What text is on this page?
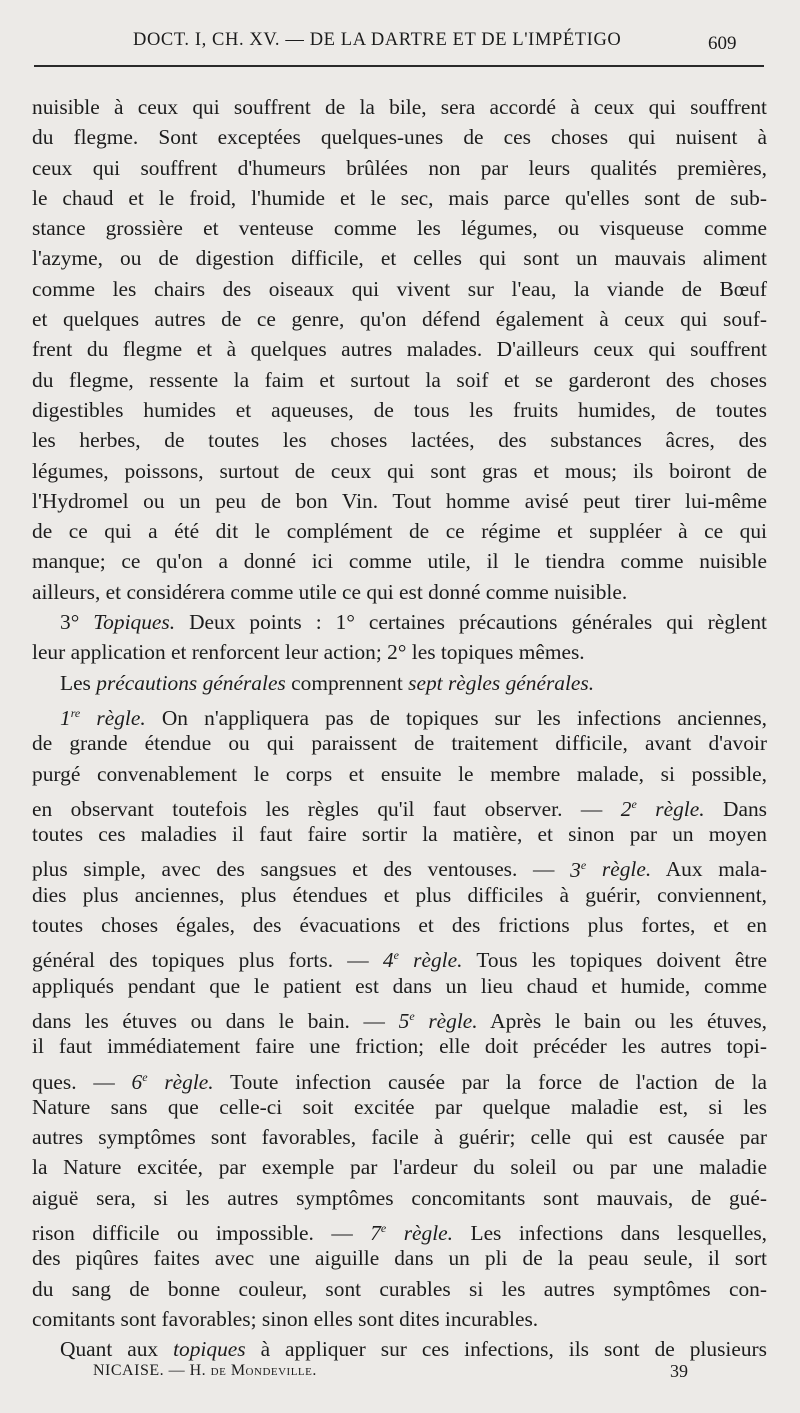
DOCT. I, CH. XV. — DE LA DARTRE ET DE L'IMPÉTIGO	609
nuisible à ceux qui souffrent de la bile, sera accordé à ceux qui souffrent
du flegme. Sont exceptées quelques-unes de ces choses qui nuisent à
ceux qui souffrent d'humeurs brûlées non par leurs qualités premières,
le chaud et le froid, l'humide et le sec, mais parce qu'elles sont de sub-
stance grossière et venteuse comme les légumes, ou visqueuse comme
l'azyme, ou de digestion difficile, et celles qui sont un mauvais aliment
comme les chairs des oiseaux qui vivent sur l'eau, la viande de Bœuf
et quelques autres de ce genre, qu'on défend également à ceux qui souf-
frent du flegme et à quelques autres malades. D'ailleurs ceux qui souffrent
du flegme, ressente la faim et surtout la soif et se garderont des choses
digestibles humides et aqueuses, de tous les fruits humides, de toutes
les herbes, de toutes les choses lactées, des substances âcres, des
légumes, poissons, surtout de ceux qui sont gras et mous; ils boiront de
l'Hydromel ou un peu de bon Vin. Tout homme avisé peut tirer lui-même
de ce qui a été dit le complément de ce régime et suppléer à ce qui
manque; ce qu'on a donné ici comme utile, il le tiendra comme nuisible
ailleurs, et considérera comme utile ce qui est donné comme nuisible.
3° Topiques. Deux points : 1° certaines précautions générales qui règlent
leur application et renforcent leur action; 2° les topiques mêmes.
Les précautions générales comprennent sept règles générales.
1re règle. On n'appliquera pas de topiques sur les infections anciennes,
de grande étendue ou qui paraissent de traitement difficile, avant d'avoir
purgé convenablement le corps et ensuite le membre malade, si possible,
en observant toutefois les règles qu'il faut observer. — 2e règle. Dans
toutes ces maladies il faut faire sortir la matière, et sinon par un moyen
plus simple, avec des sangsues et des ventouses. — 3e règle. Aux mala-
dies plus anciennes, plus étendues et plus difficiles à guérir, conviennent,
toutes choses égales, des évacuations et des frictions plus fortes, et en
général des topiques plus forts. — 4e règle. Tous les topiques doivent être
appliqués pendant que le patient est dans un lieu chaud et humide, comme
dans les étuves ou dans le bain. — 5e règle. Après le bain ou les étuves,
il faut immédiatement faire une friction; elle doit précéder les autres topi-
ques. — 6e règle. Toute infection causée par la force de l'action de la
Nature sans que celle-ci soit excitée par quelque maladie est, si les
autres symptômes sont favorables, facile à guérir; celle qui est causée par
la Nature excitée, par exemple par l'ardeur du soleil ou par une maladie
aiguë sera, si les autres symptômes concomitants sont mauvais, de gué-
rison difficile ou impossible. — 7e règle. Les infections dans lesquelles,
des piqûres faites avec une aiguille dans un pli de la peau seule, il sort
du sang de bonne couleur, sont curables si les autres symptômes con-
comitants sont favorables; sinon elles sont dites incurables.
Quant aux topiques à appliquer sur ces infections, ils sont de plusieurs
NICAISE. — H. de Mondeville.	39
